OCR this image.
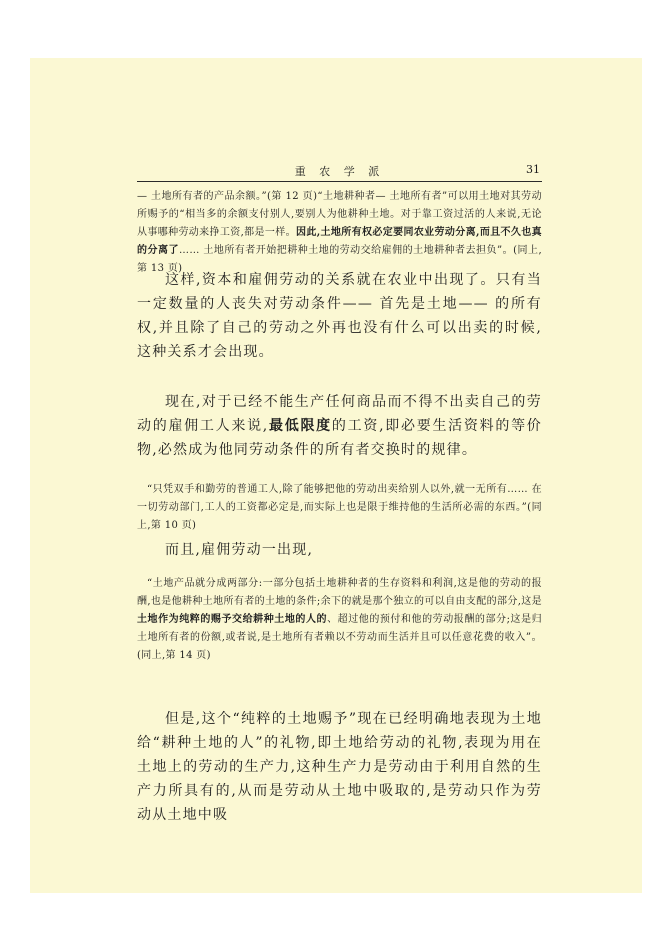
重 农 学 派	31

— 土地所有者的产品余额。”(第 12 页)“土地耕种者— 土地所有者”可以用土地对其劳动所赐予的“相当多的余额支付别人,要别人为他耕种土地。对于靠工资过活的人来说,无论从事哪种劳动来挣工资,都是一样。因此,土地所有权必定要同农业劳动分离,而且不久也真的分离了…… 土地所有者开始把耕种土地的劳动交给雇佣的土地耕种者去担负”。(同上,第 13 页)

这样,资本和雇佣劳动的关系就在农业中出现了。只有当一定数量的人丧失对劳动条件—— 首先是土地—— 的所有权,并且除了自己的劳动之外再也没有什么可以出卖的时候,这种关系才会出现。

现在,对于已经不能生产任何商品而不得不出卖自己的劳动的雇佣工人来说,最低限度的工资,即必要生活资料的等价物,必然成为他同劳动条件的所有者交换时的规律。

“只凭双手和勤劳的普通工人,除了能够把他的劳动出卖给别人以外,就一无所有…… 在一切劳动部门,工人的工资都必定是,而实际上也是限于维持他的生活所必需的东西。”(同上,第 10 页)

而且,雇佣劳动一出现,

“土地产品就分成两部分:一部分包括土地耕种者的生存资料和利润,这是他的劳动的报酬,也是他耕种土地所有者的土地的条件;余下的就是那个独立的可以自由支配的部分,这是土地作为纯粹的赐予交给耕种土地的人的、超过他的预付和他的劳动报酬的部分;这是归土地所有者的份额,或者说,是土地所有者赖以不劳动而生活并且可以任意花费的收入”。(同上,第 14 页)

但是,这个“纯粹的土地赐予”现在已经明确地表现为土地给“耕种土地的人”的礼物,即土地给劳动的礼物,表现为用在土地上的劳动的生产力,这种生产力是劳动由于利用自然的生产力所具有的,从而是劳动从土地中吸取的,是劳动只作为劳动从土地中吸
